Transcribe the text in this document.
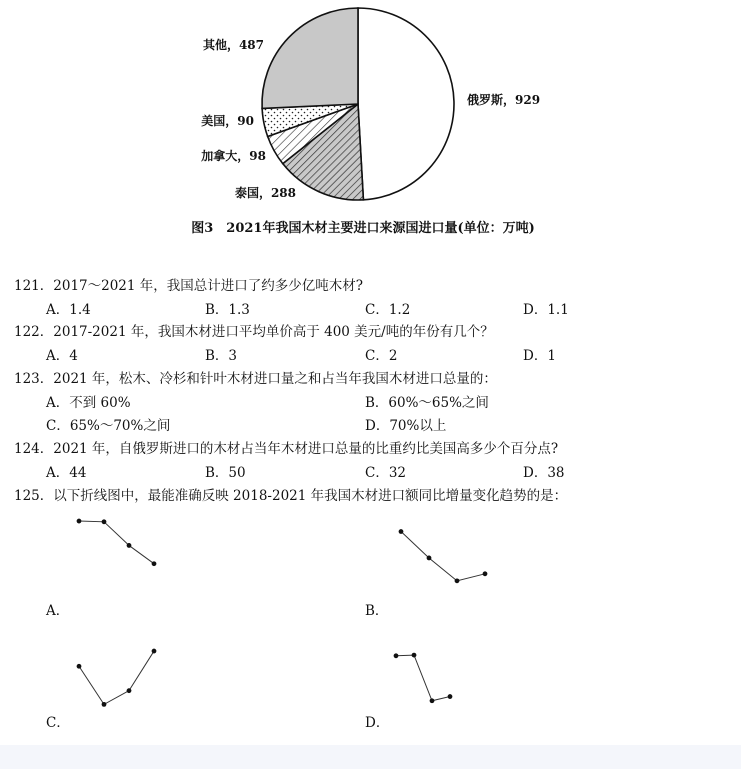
俄罗斯，929
泰国，288
加拿大，98
美国，90
其他，487
图3　2021年我国木材主要进口来源国进口量(单位：万吨)
121．2017～2021 年，我国总计进口了约多少亿吨木材?
A．1.4	B．1.3	C．1.2	D．1.1
122．2017-2021 年，我国木材进口平均单价高于 400 美元/吨的年份有几个？
A．4	B．3	C．2	D．1
123．2021 年，松木、冷杉和针叶木材进口量之和占当年我国木材进口总量的：
A．不到 60%	B．60%～65%之间
C．65%～70%之间	D．70%以上
124．2021 年，自俄罗斯进口的木材占当年木材进口总量的比重约比美国高多少个百分点?
A．44	B．50	C．32	D．38
125．以下折线图中，最能准确反映 2018-2021 年我国木材进口额同比增量变化趋势的是：
A．	B．
C．	D．
